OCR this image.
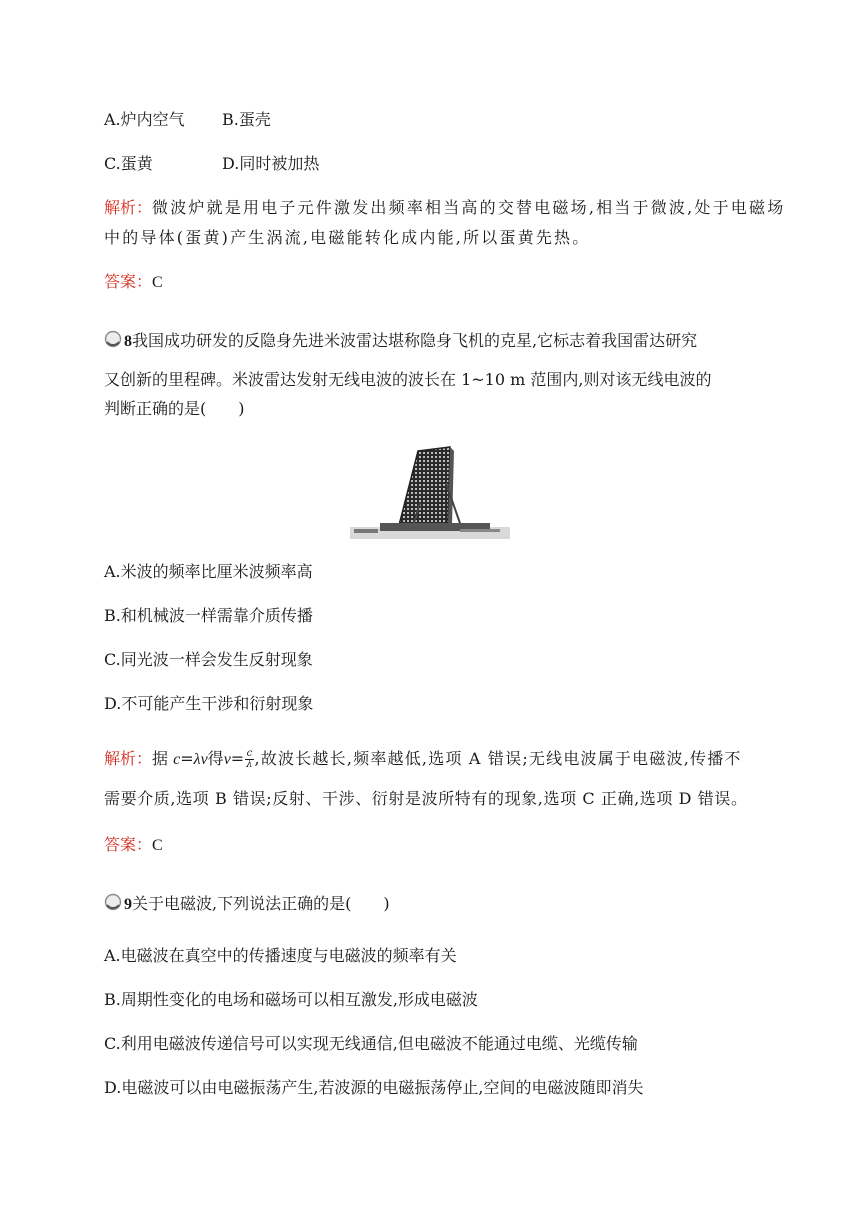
A.炉内空气 B.蛋壳
C.蛋黄	D.同时被加热
解析：微波炉就是用电子元件激发出频率相当高的交替电磁场,相当于微波,处于电磁场
中的导体(蛋黄)产生涡流,电磁能转化成内能,所以蛋黄先热。
答案：C
8我国成功研发的反隐身先进米波雷达堪称隐身飞机的克星,它标志着我国雷达研究
又创新的里程碑。米波雷达发射无线电波的波长在 1~10 m 范围内,则对该无线电波的
判断正确的是(　　)
A.米波的频率比厘米波频率高
B.和机械波一样需靠介质传播
C.同光波一样会发生反射现象
D.不可能产生干涉和衍射现象
解析：据 c=λv得$v= \frac{c}{\lambda}$ ,故波长越长,频率越低,选项 A 错误;无线电波属于电磁波,传播不
需要介质,选项 B 错误;反射、干涉、衍射是波所特有的现象,选项 C 正确,选项 D 错误。
答案：C
9关于电磁波,下列说法正确的是(　　)
A.电磁波在真空中的传播速度与电磁波的频率有关
B.周期性变化的电场和磁场可以相互激发,形成电磁波
C.利用电磁波传递信号可以实现无线通信,但电磁波不能通过电缆、光缆传输
D.电磁波可以由电磁振荡产生,若波源的电磁振荡停止,空间的电磁波随即消失
